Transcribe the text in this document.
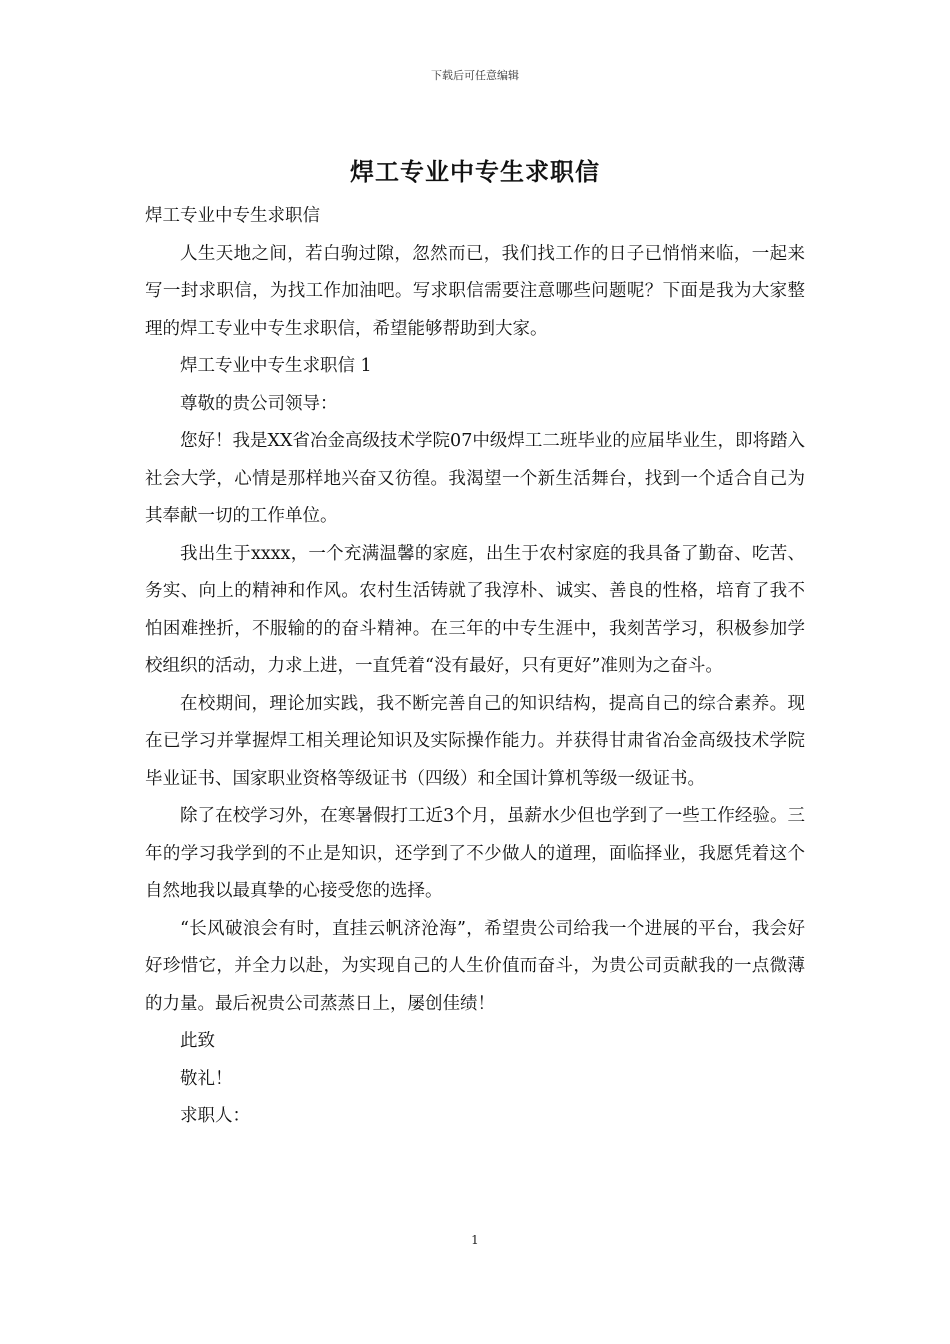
下载后可任意编辑
焊工专业中专生求职信

焊工专业中专生求职信

人生天地之间，若白驹过隙，忽然而已，我们找工作的日子已悄悄来临，一起来写一封求职信，为找工作加油吧。写求职信需要注意哪些问题呢？下面是我为大家整理的焊工专业中专生求职信，希望能够帮助到大家。

焊工专业中专生求职信 1

尊敬的贵公司领导：

您好！我是XX省冶金高级技术学院07中级焊工二班毕业的应届毕业生，即将踏入社会大学，心情是那样地兴奋又彷徨。我渴望一个新生活舞台，找到一个适合自己为其奉献一切的工作单位。

我出生于xxxx，一个充满温馨的家庭，出生于农村家庭的我具备了勤奋、吃苦、务实、向上的精神和作风。农村生活铸就了我淳朴、诚实、善良的性格，培育了我不怕困难挫折，不服输的的奋斗精神。在三年的中专生涯中，我刻苦学习，积极参加学校组织的活动，力求上进，一直凭着“没有最好，只有更好”准则为之奋斗。

在校期间，理论加实践，我不断完善自己的知识结构，提高自己的综合素养。现在已学习并掌握焊工相关理论知识及实际操作能力。并获得甘肃省冶金高级技术学院毕业证书、国家职业资格等级证书（四级）和全国计算机等级一级证书。

除了在校学习外，在寒暑假打工近3个月，虽薪水少但也学到了一些工作经验。三年的学习我学到的不止是知识，还学到了不少做人的道理，面临择业，我愿凭着这个自然地我以最真挚的心接受您的选择。

“长风破浪会有时，直挂云帆济沧海”，希望贵公司给我一个进展的平台，我会好好珍惜它，并全力以赴，为实现自己的人生价值而奋斗，为贵公司贡献我的一点微薄的力量。最后祝贵公司蒸蒸日上，屡创佳绩！

此致

敬礼！

求职人：

1
